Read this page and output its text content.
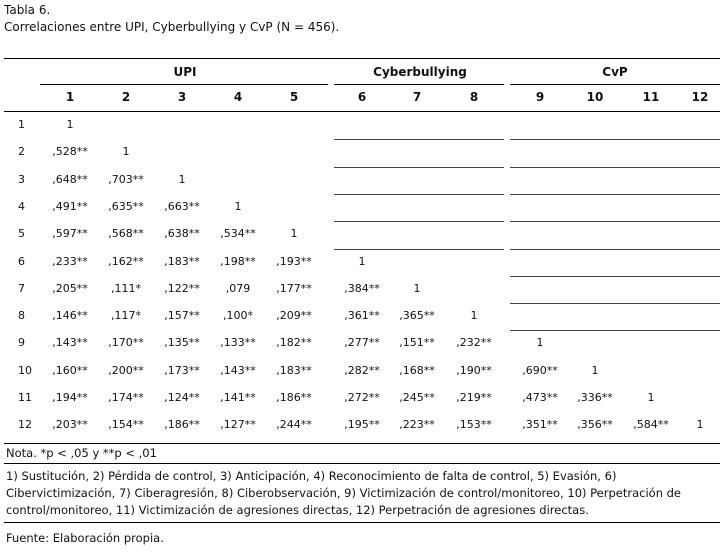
Tabla 6.
Correlaciones entre UPI, Cyberbullying y CvP (N = 456).
UPI	Cyberbullying	CvP
1	2	3	4	5	6	7	8	9	10	11	12
1	1
2	,528**	1
3	,648**	,703**	1
4	,491**	,635**	,663**	1
5	,597**	,568**	,638**	,534**	1
6	,233**	,162**	,183**	,198**	,193**	1
7	,205**	,111*	,122**	,079	,177**	,384**	1
8	,146**	,117*	,157**	,100*	,209**	,361**	,365**	1
9	,143**	,170**	,135**	,133**	,182**	,277**	,151**	,232**	1
10	,160**	,200**	,173**	,143**	,183**	,282**	,168**	,190**	,690**	1
11	,194**	,174**	,124**	,141**	,186**	,272**	,245**	,219**	,473**	,336**	1
12	,203**	,154**	,186**	,127**	,244**	,195**	,223**	,153**	,351**	,356**	,584**	1
Nota. *p < ,05 y **p < ,01
1) Sustitución, 2) Pérdida de control, 3) Anticipación, 4) Reconocimiento de falta de control, 5) Evasión, 6) Cibervictimización, 7) Ciberagresión, 8) Ciberobservación, 9) Victimización de control/monitoreo, 10) Perpetración de control/monitoreo, 11) Victimización de agresiones directas, 12) Perpetración de agresiones directas.
Fuente: Elaboración propia.
